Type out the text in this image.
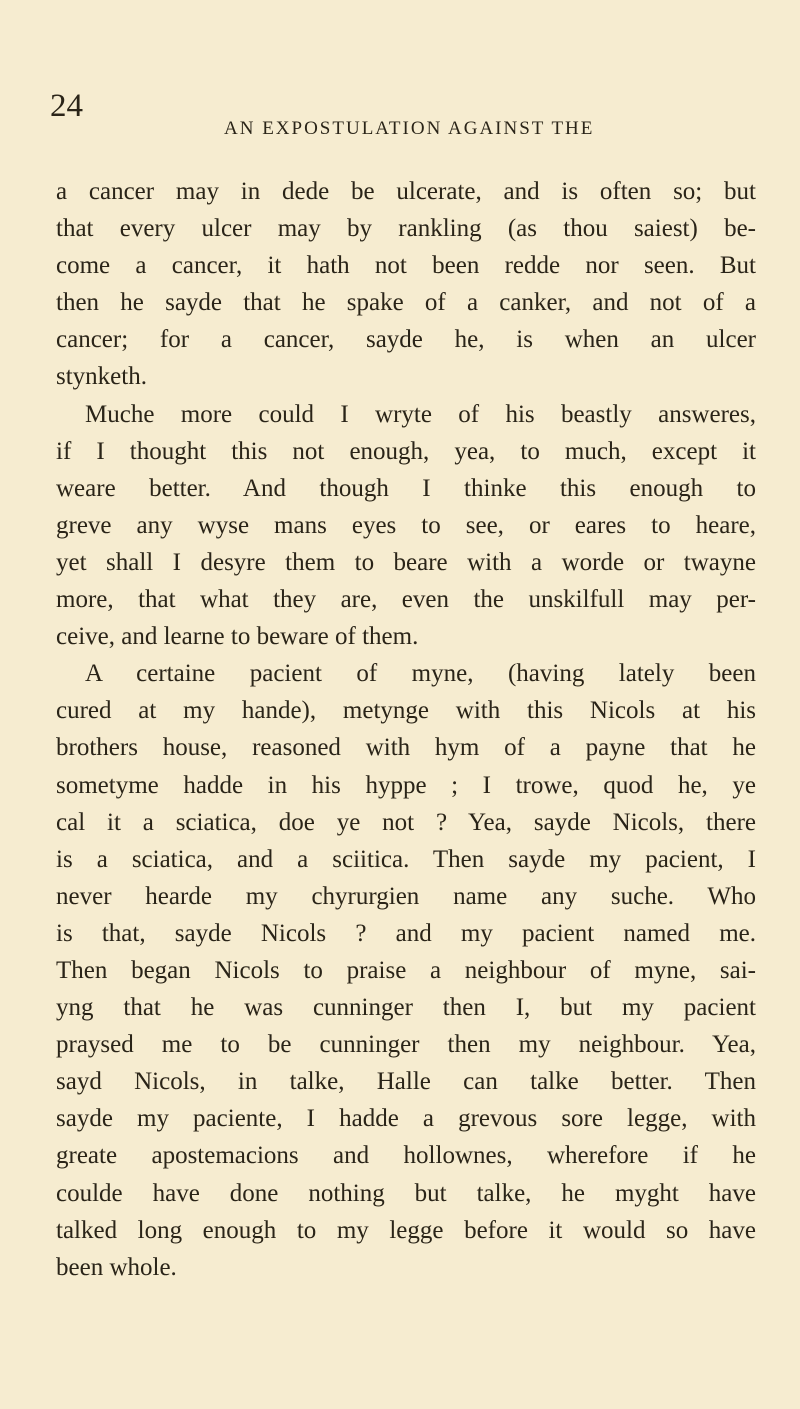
24
AN EXPOSTULATION AGAINST THE
a cancer may in dede be ulcerate, and is often so; but
that every ulcer may by rankling (as thou saiest) be-
come a cancer, it hath not been redde nor seen. But
then he sayde that he spake of a canker, and not of a
cancer; for a cancer, sayde he, is when an ulcer
stynketh.
Muche more could I wryte of his beastly answeres,
if I thought this not enough, yea, to much, except it
weare better. And though I thinke this enough to
greve any wyse mans eyes to see, or eares to heare,
yet shall I desyre them to beare with a worde or twayne
more, that what they are, even the unskilfull may per-
ceive, and learne to beware of them.
A certaine pacient of myne, (having lately been
cured at my hande), metynge with this Nicols at his
brothers house, reasoned with hym of a payne that he
sometyme hadde in his hyppe ; I trowe, quod he, ye
cal it a sciatica, doe ye not ? Yea, sayde Nicols, there
is a sciatica, and a sciitica. Then sayde my pacient, I
never hearde my chyrurgien name any suche. Who
is that, sayde Nicols ? and my pacient named me.
Then began Nicols to praise a neighbour of myne, sai-
yng that he was cunninger then I, but my pacient
praysed me to be cunninger then my neighbour. Yea,
sayd Nicols, in talke, Halle can talke better. Then
sayde my paciente, I hadde a grevous sore legge, with
greate apostemacions and hollownes, wherefore if he
coulde have done nothing but talke, he myght have
talked long enough to my legge before it would so have
been whole.
